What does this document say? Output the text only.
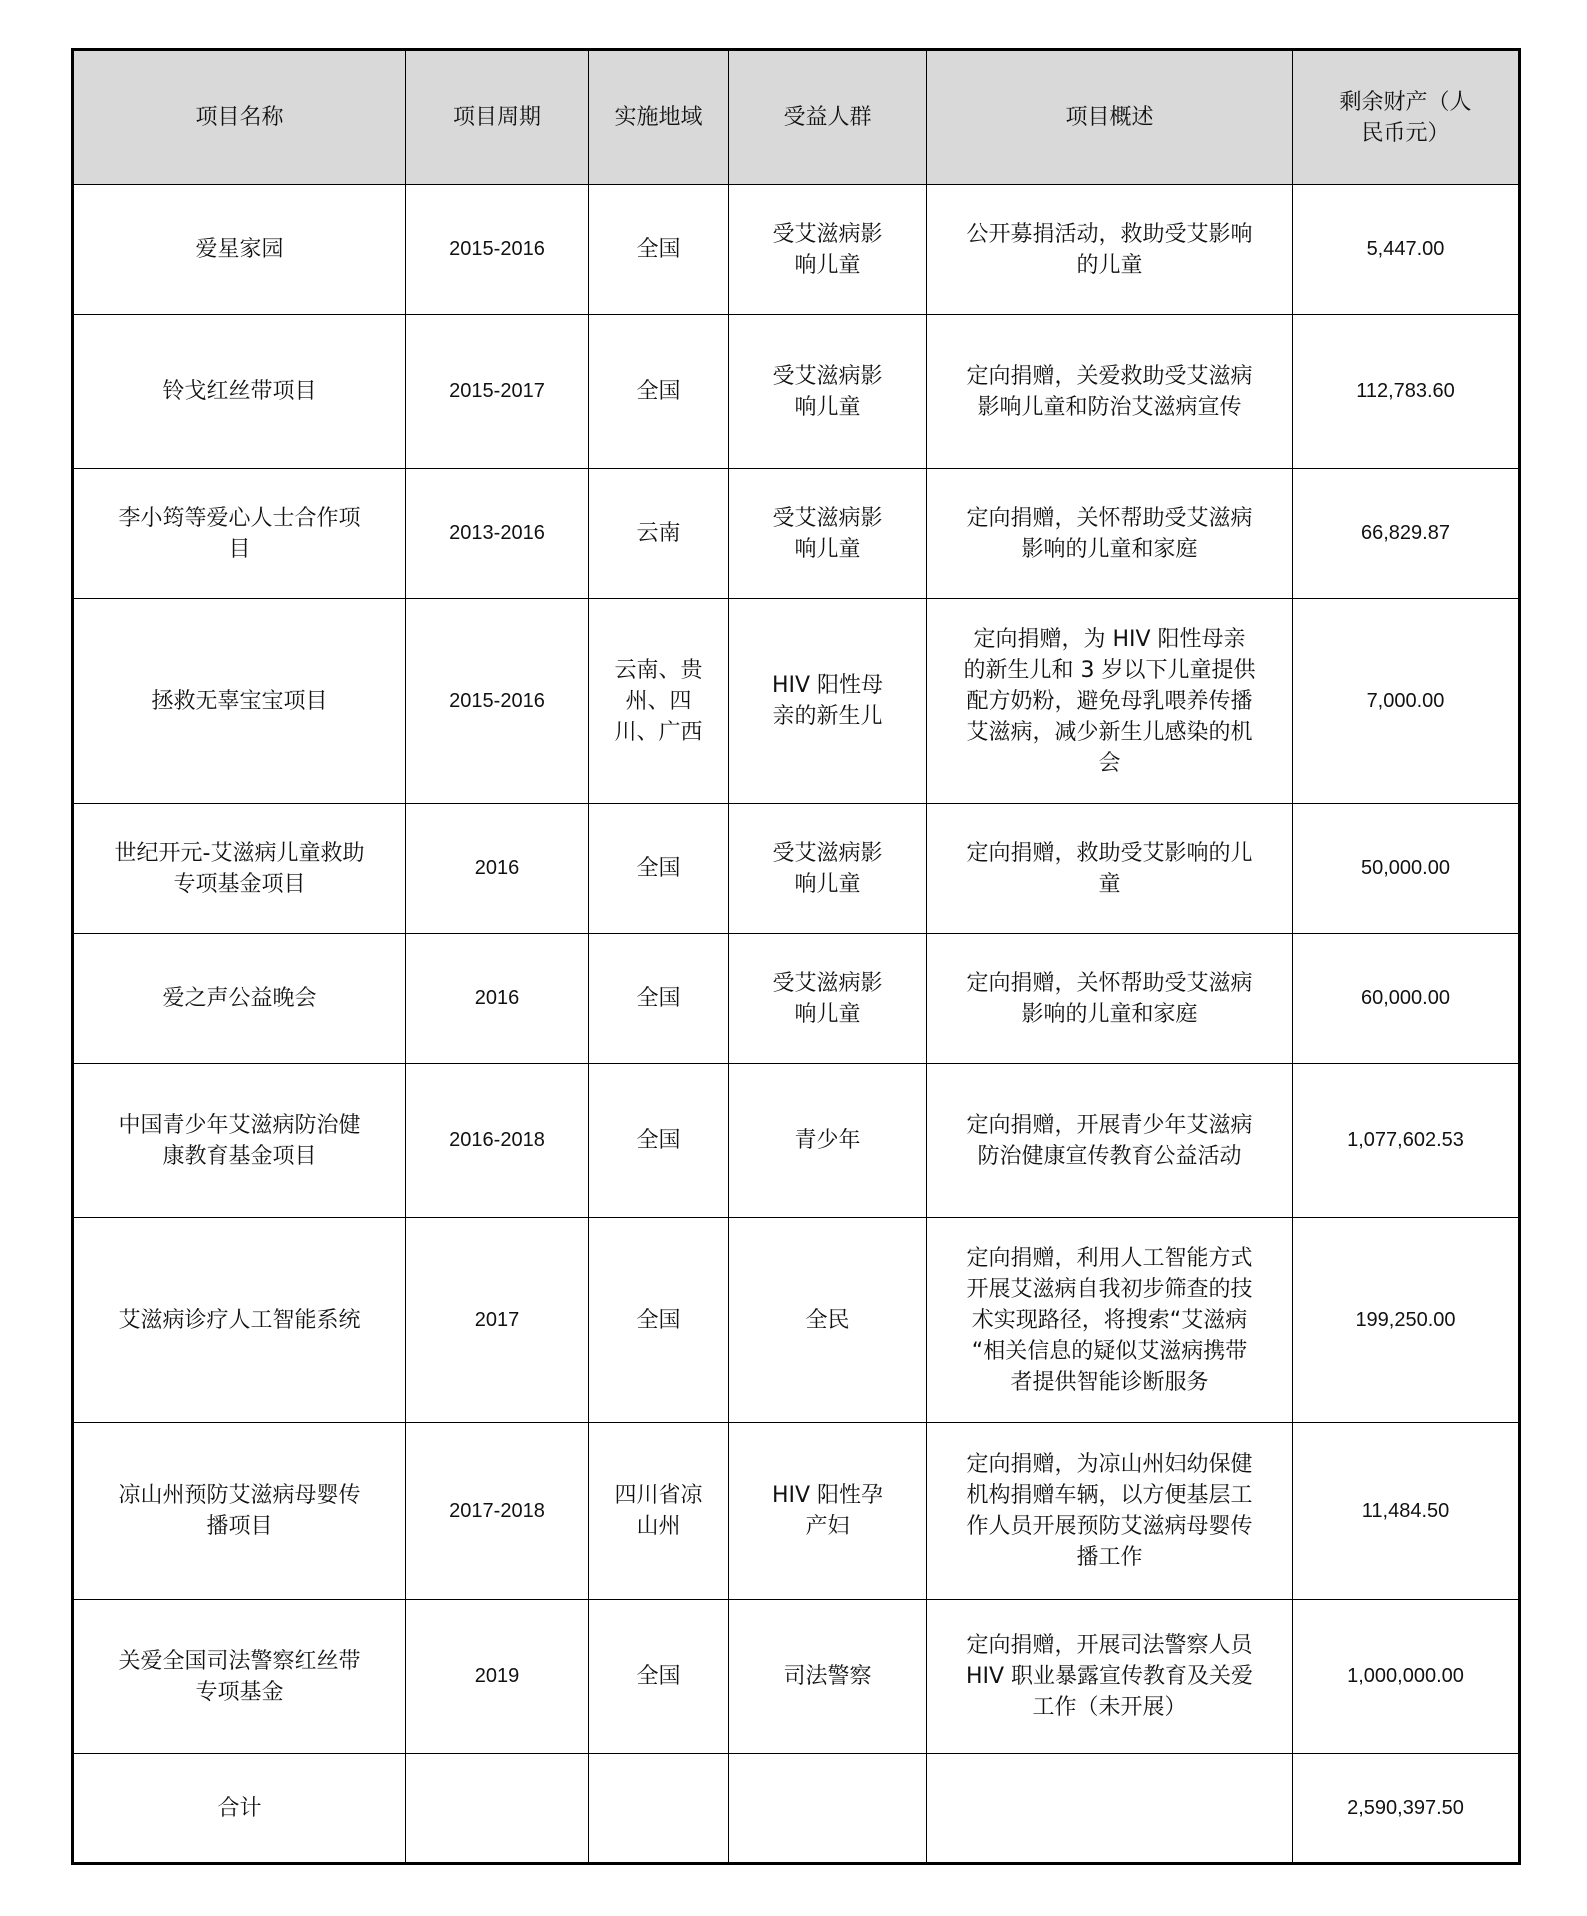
项目名称	项目周期	实施地域	受益人群	项目概述	剩余财产（人民币元）
爱星家园	2015-2016	全国	受艾滋病影响儿童	公开募捐活动，救助受艾影响的儿童	5,447.00
铃戈红丝带项目	2015-2017	全国	受艾滋病影响儿童	定向捐赠，关爱救助受艾滋病影响儿童和防治艾滋病宣传	112,783.60
李小筠等爱心人士合作项目	2013-2016	云南	受艾滋病影响儿童	定向捐赠，关怀帮助受艾滋病影响的儿童和家庭	66,829.87
拯救无辜宝宝项目	2015-2016	云南、贵州、四川、广西	HIV 阳性母亲的新生儿	定向捐赠，为 HIV 阳性母亲的新生儿和 3 岁以下儿童提供配方奶粉，避免母乳喂养传播艾滋病，减少新生儿感染的机会	7,000.00
世纪开元-艾滋病儿童救助专项基金项目	2016	全国	受艾滋病影响儿童	定向捐赠，救助受艾影响的儿童	50,000.00
爱之声公益晚会	2016	全国	受艾滋病影响儿童	定向捐赠，关怀帮助受艾滋病影响的儿童和家庭	60,000.00
中国青少年艾滋病防治健康教育基金项目	2016-2018	全国	青少年	定向捐赠，开展青少年艾滋病防治健康宣传教育公益活动	1,077,602.53
艾滋病诊疗人工智能系统	2017	全国	全民	定向捐赠，利用人工智能方式开展艾滋病自我初步筛查的技术实现路径，将搜索“艾滋病 “相关信息的疑似艾滋病携带者提供智能诊断服务	199,250.00
凉山州预防艾滋病母婴传播项目	2017-2018	四川省凉山州	HIV 阳性孕产妇	定向捐赠，为凉山州妇幼保健机构捐赠车辆，以方便基层工作人员开展预防艾滋病母婴传播工作	11,484.50
关爱全国司法警察红丝带专项基金	2019	全国	司法警察	定向捐赠，开展司法警察人员 HIV 职业暴露宣传教育及关爱工作（未开展）	1,000,000.00
合计					2,590,397.50
